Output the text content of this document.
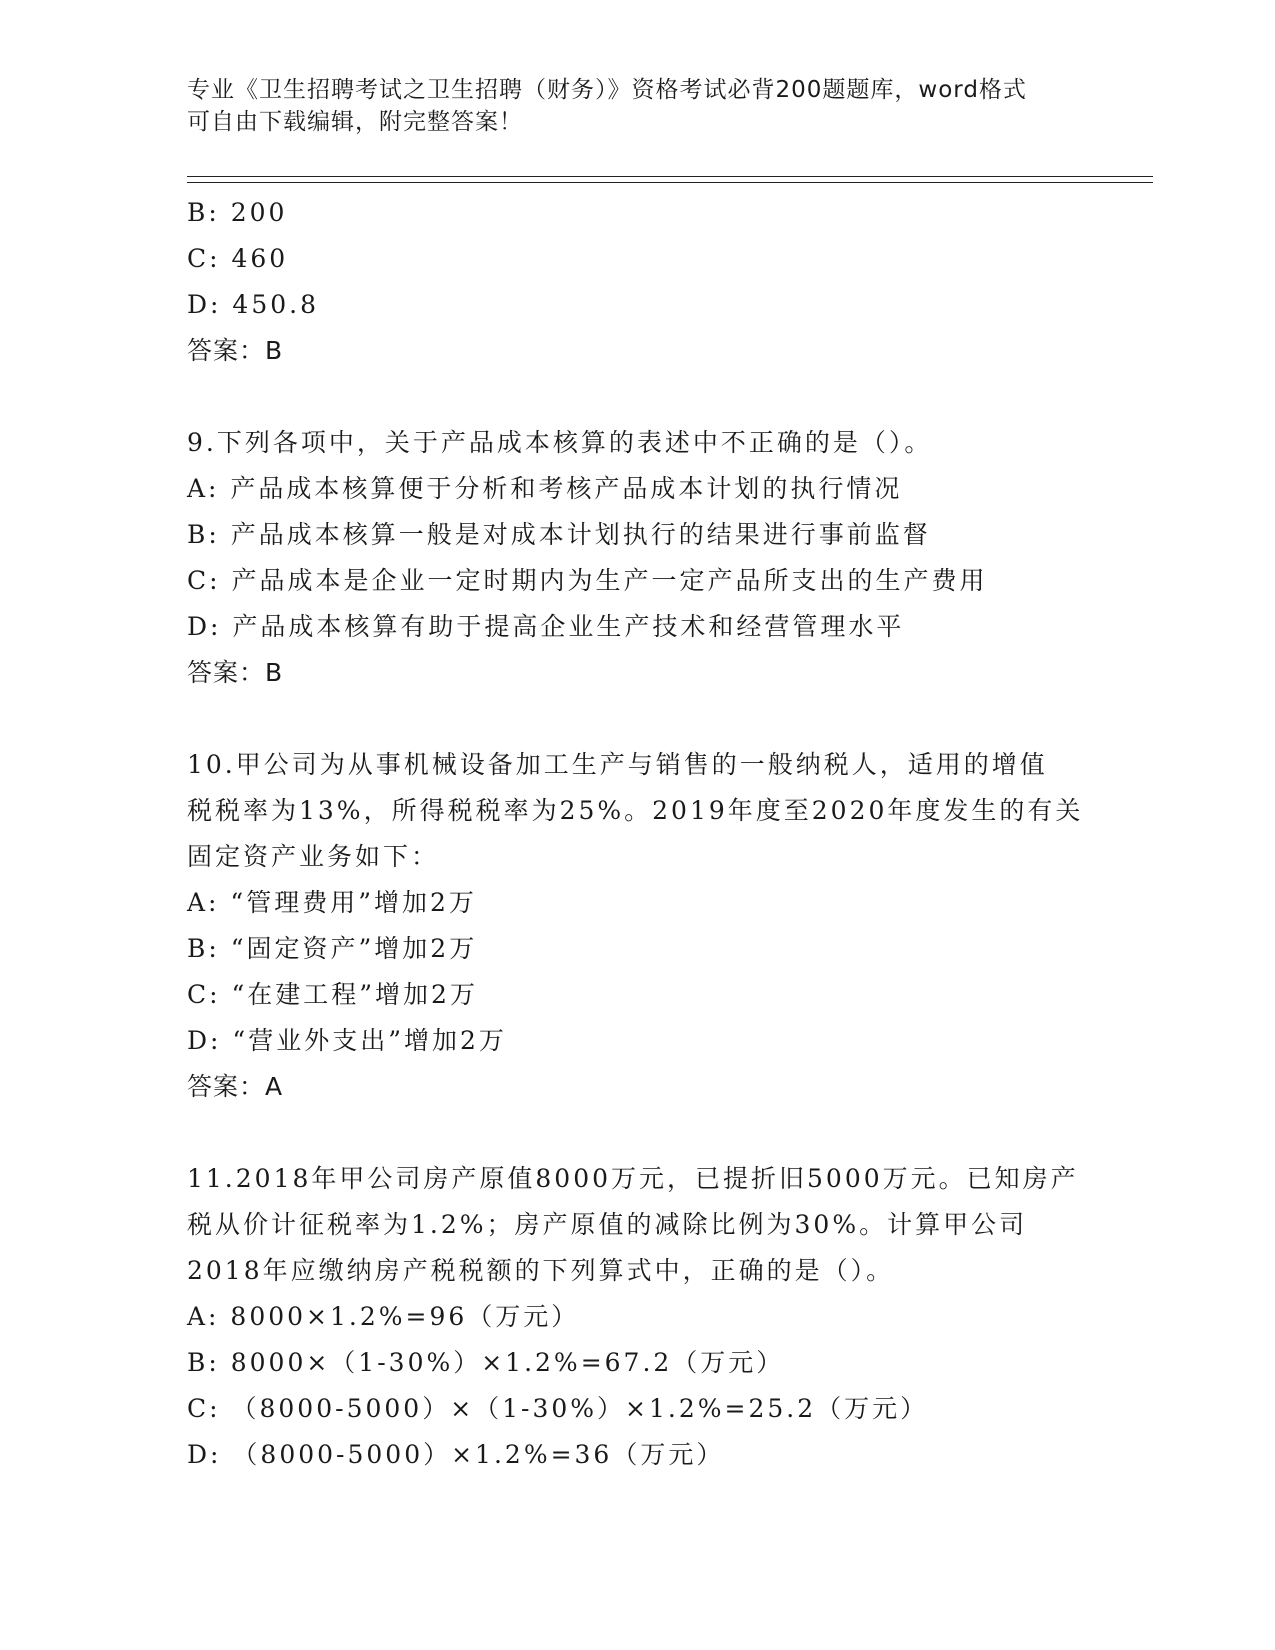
专业《卫生招聘考试之卫生招聘（财务）》资格考试必背200题题库，word格式
可自由下载编辑，附完整答案！
B: 200
C: 460
D: 450.8
答案：B
9.下列各项中，关于产品成本核算的表述中不正确的是（）。
A: 产品成本核算便于分析和考核产品成本计划的执行情况
B: 产品成本核算一般是对成本计划执行的结果进行事前监督
C: 产品成本是企业一定时期内为生产一定产品所支出的生产费用
D: 产品成本核算有助于提高企业生产技术和经营管理水平
答案：B
10.甲公司为从事机械设备加工生产与销售的一般纳税人，适用的增值
税税率为13%，所得税税率为25%。2019年度至2020年度发生的有关
固定资产业务如下：
A: “管理费用”增加2万
B: “固定资产”增加2万
C: “在建工程”增加2万
D: “营业外支出”增加2万
答案：A
11.2018年甲公司房产原值8000万元，已提折旧5000万元。已知房产
税从价计征税率为1.2%；房产原值的减除比例为30%。计算甲公司
2018年应缴纳房产税税额的下列算式中，正确的是（）。
A: 8000×1.2%=96（万元）
B: 8000×（1-30%）×1.2%=67.2（万元）
C: （8000-5000）×（1-30%）×1.2%=25.2（万元）
D: （8000-5000）×1.2%=36（万元）
